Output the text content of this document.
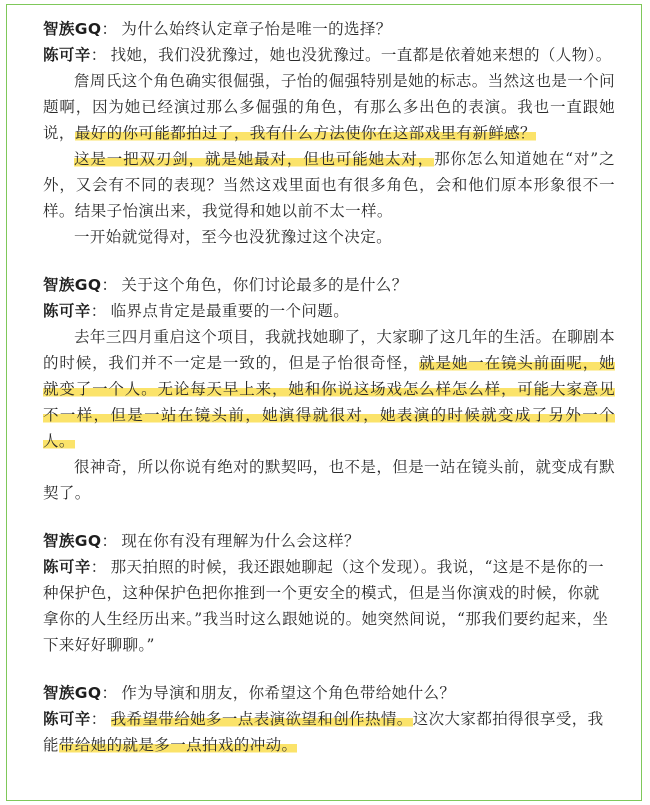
智族GQ： 为什么始终认定章子怡是唯一的选择？

陈可辛： 找她，我们没犹豫过，她也没犹豫过。一直都是依着她来想的（人物）。

詹周氏这个角色确实很倔强，子怡的倔强特别是她的标志。当然这也是一个问题啊，因为她已经演过那么多倔强的角色，有那么多出色的表演。我也一直跟她说，最好的你可能都拍过了，我有什么方法使你在这部戏里有新鲜感？

这是一把双刃剑，就是她最对，但也可能她太对，那你怎么知道她在“对”之外，又会有不同的表现？当然这戏里面也有很多角色，会和他们原本形象很不一样。结果子怡演出来，我觉得和她以前不太一样。

一开始就觉得对，至今也没犹豫过这个决定。

智族GQ： 关于这个角色，你们讨论最多的是什么？

陈可辛： 临界点肯定是最重要的一个问题。

去年三四月重启这个项目，我就找她聊了，大家聊了这几年的生活。在聊剧本的时候，我们并不一定是一致的，但是子怡很奇怪，就是她一在镜头前面呢，她就变了一个人。无论每天早上来，她和你说这场戏怎么样怎么样，可能大家意见不一样，但是一站在镜头前，她演得就很对，她表演的时候就变成了另外一个人。

很神奇，所以你说有绝对的默契吗，也不是，但是一站在镜头前，就变成有默契了。

智族GQ： 现在你有没有理解为什么会这样？

陈可辛： 那天拍照的时候，我还跟她聊起（这个发现）。我说，“这是不是你的一种保护色，这种保护色把你推到一个更安全的模式，但是当你演戏的时候，你就拿你的人生经历出来。”我当时这么跟她说的。她突然间说，“那我们要约起来，坐下来好好聊聊。”

智族GQ： 作为导演和朋友，你希望这个角色带给她什么？

陈可辛： 我希望带给她多一点表演欲望和创作热情。这次大家都拍得很享受，我能带给她的就是多一点拍戏的冲动。
